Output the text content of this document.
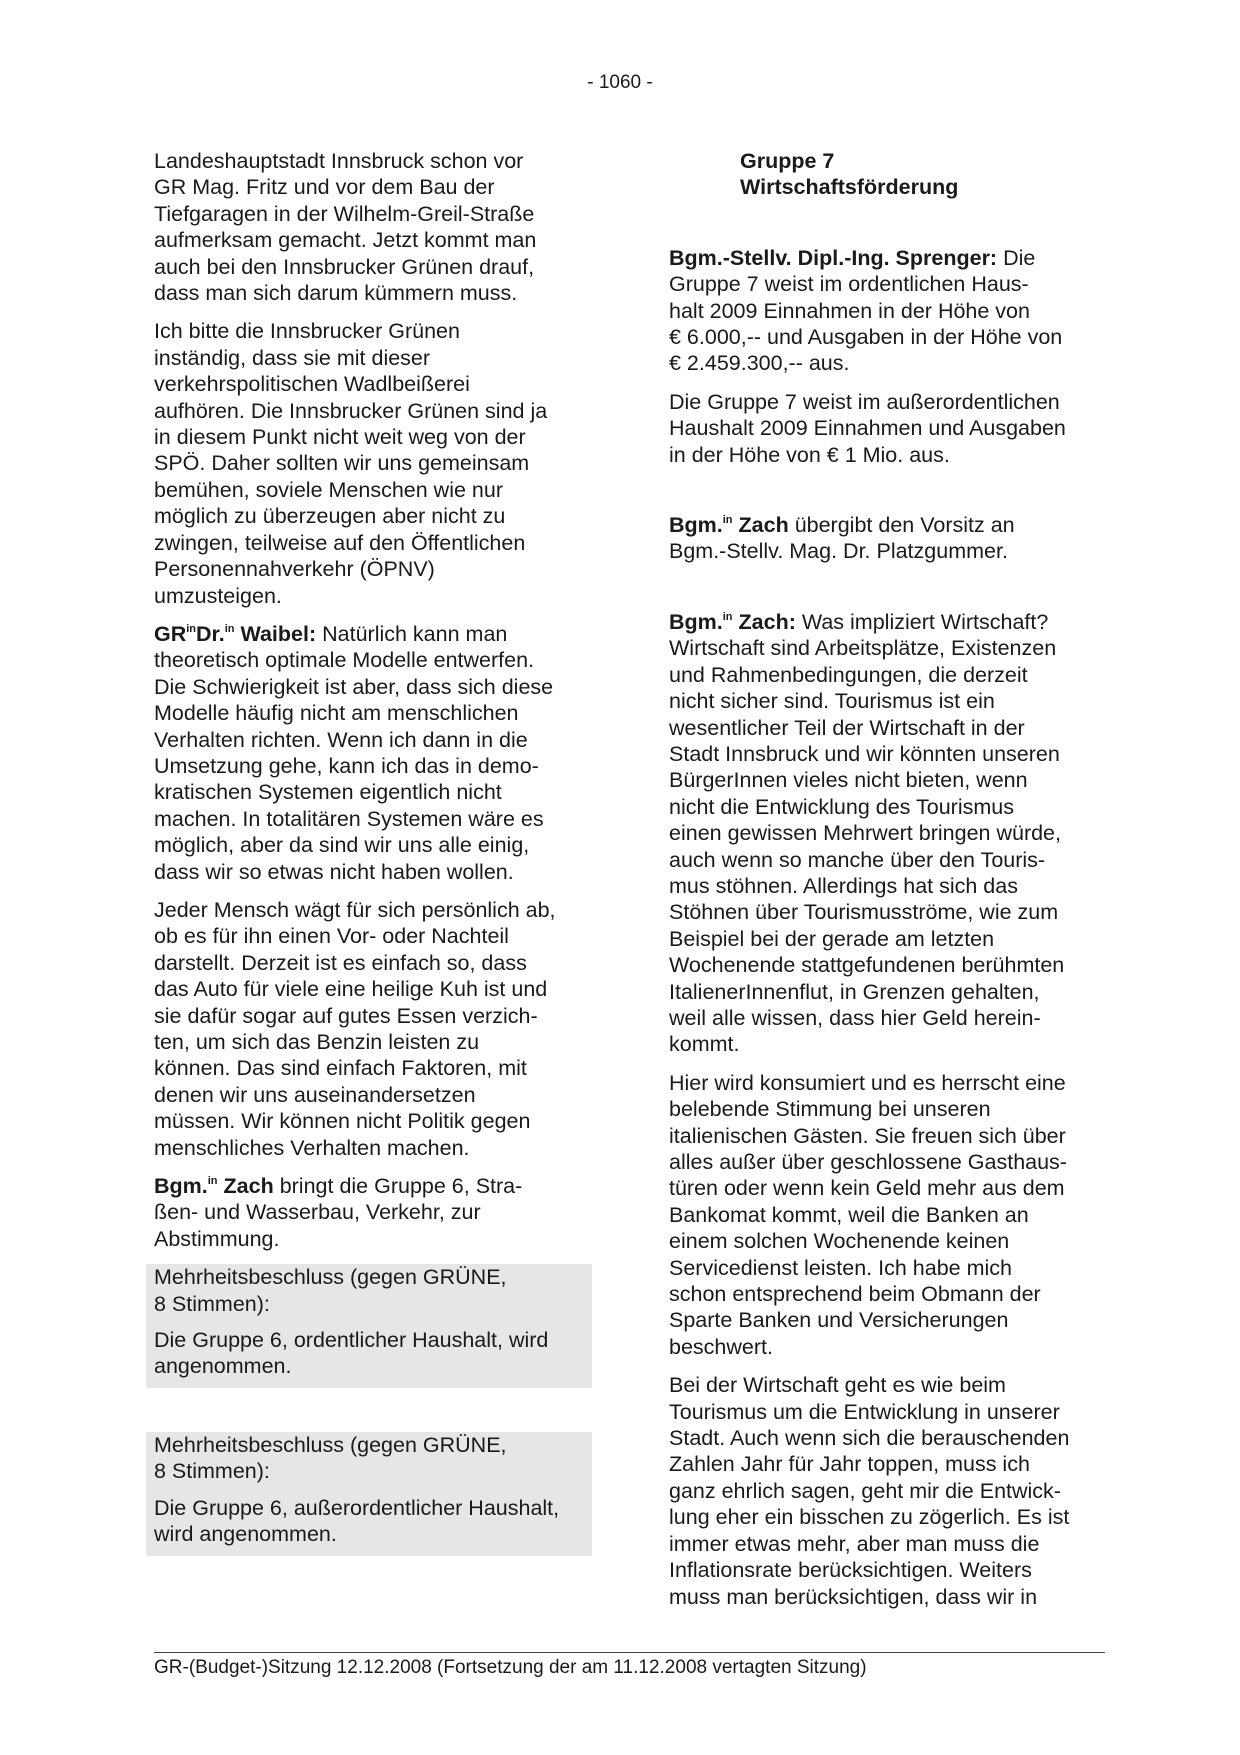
- 1060 -
Landeshauptstadt Innsbruck schon vor
GR Mag. Fritz und vor dem Bau der
Tiefgaragen in der Wilhelm-Greil-Straße
aufmerksam gemacht. Jetzt kommt man
auch bei den Innsbrucker Grünen drauf,
dass man sich darum kümmern muss.
Ich bitte die Innsbrucker Grünen
inständig, dass sie mit dieser
verkehrspolitischen Wadlbeißerei
aufhören. Die Innsbrucker Grünen sind ja
in diesem Punkt nicht weit weg von der
SPÖ. Daher sollten wir uns gemeinsam
bemühen, soviele Menschen wie nur
möglich zu überzeugen aber nicht zu
zwingen, teilweise auf den Öffentlichen
Personennahverkehr (ÖPNV)
umzusteigen.
$GR^{in}Dr.^{in}$ Waibel: Natürlich kann man
theoretisch optimale Modelle entwerfen.
Die Schwierigkeit ist aber, dass sich diese
Modelle häufig nicht am menschlichen
Verhalten richten. Wenn ich dann in die
Umsetzung gehe, kann ich das in demo-
kratischen Systemen eigentlich nicht
machen. In totalitären Systemen wäre es
möglich, aber da sind wir uns alle einig,
dass wir so etwas nicht haben wollen.
Jeder Mensch wägt für sich persönlich ab,
ob es für ihn einen Vor- oder Nachteil
darstellt. Derzeit ist es einfach so, dass
das Auto für viele eine heilige Kuh ist und
sie dafür sogar auf gutes Essen verzich-
ten, um sich das Benzin leisten zu
können. Das sind einfach Faktoren, mit
denen wir uns auseinandersetzen
müssen. Wir können nicht Politik gegen
menschliches Verhalten machen.
Bgm.$^{in}$ Zach bringt die Gruppe 6, Stra-
ßen- und Wasserbau, Verkehr, zur
Abstimmung.
Mehrheitsbeschluss (gegen GRÜNE,
8 Stimmen):
Die Gruppe 6, ordentlicher Haushalt, wird
angenommen.
Mehrheitsbeschluss (gegen GRÜNE,
8 Stimmen):
Die Gruppe 6, außerordentlicher Haushalt,
wird angenommen.
Gruppe 7
Wirtschaftsförderung
Bgm.-Stellv. Dipl.-Ing. Sprenger: Die
Gruppe 7 weist im ordentlichen Haus-
halt 2009 Einnahmen in der Höhe von
€ 6.000,-- und Ausgaben in der Höhe von
€ 2.459.300,-- aus.
Die Gruppe 7 weist im außerordentlichen
Haushalt 2009 Einnahmen und Ausgaben
in der Höhe von € 1 Mio. aus.
Bgm.$^{in}$ Zach übergibt den Vorsitz an
Bgm.-Stellv. Mag. Dr. Platzgummer.
Bgm.$^{in}$ Zach: Was impliziert Wirtschaft?
Wirtschaft sind Arbeitsplätze, Existenzen
und Rahmenbedingungen, die derzeit
nicht sicher sind. Tourismus ist ein
wesentlicher Teil der Wirtschaft in der
Stadt Innsbruck und wir könnten unseren
BürgerInnen vieles nicht bieten, wenn
nicht die Entwicklung des Tourismus
einen gewissen Mehrwert bringen würde,
auch wenn so manche über den Touris-
mus stöhnen. Allerdings hat sich das
Stöhnen über Tourismusströme, wie zum
Beispiel bei der gerade am letzten
Wochenende stattgefundenen berühmten
ItalienerInnenflut, in Grenzen gehalten,
weil alle wissen, dass hier Geld herein-
kommt.
Hier wird konsumiert und es herrscht eine
belebende Stimmung bei unseren
italienischen Gästen. Sie freuen sich über
alles außer über geschlossene Gasthaus-
türen oder wenn kein Geld mehr aus dem
Bankomat kommt, weil die Banken an
einem solchen Wochenende keinen
Servicedienst leisten. Ich habe mich
schon entsprechend beim Obmann der
Sparte Banken und Versicherungen
beschwert.
Bei der Wirtschaft geht es wie beim
Tourismus um die Entwicklung in unserer
Stadt. Auch wenn sich die berauschenden
Zahlen Jahr für Jahr toppen, muss ich
ganz ehrlich sagen, geht mir die Entwick-
lung eher ein bisschen zu zögerlich. Es ist
immer etwas mehr, aber man muss die
Inflationsrate berücksichtigen. Weiters
muss man berücksichtigen, dass wir in
GR-(Budget-)Sitzung 12.12.2008 (Fortsetzung der am 11.12.2008 vertagten Sitzung)
